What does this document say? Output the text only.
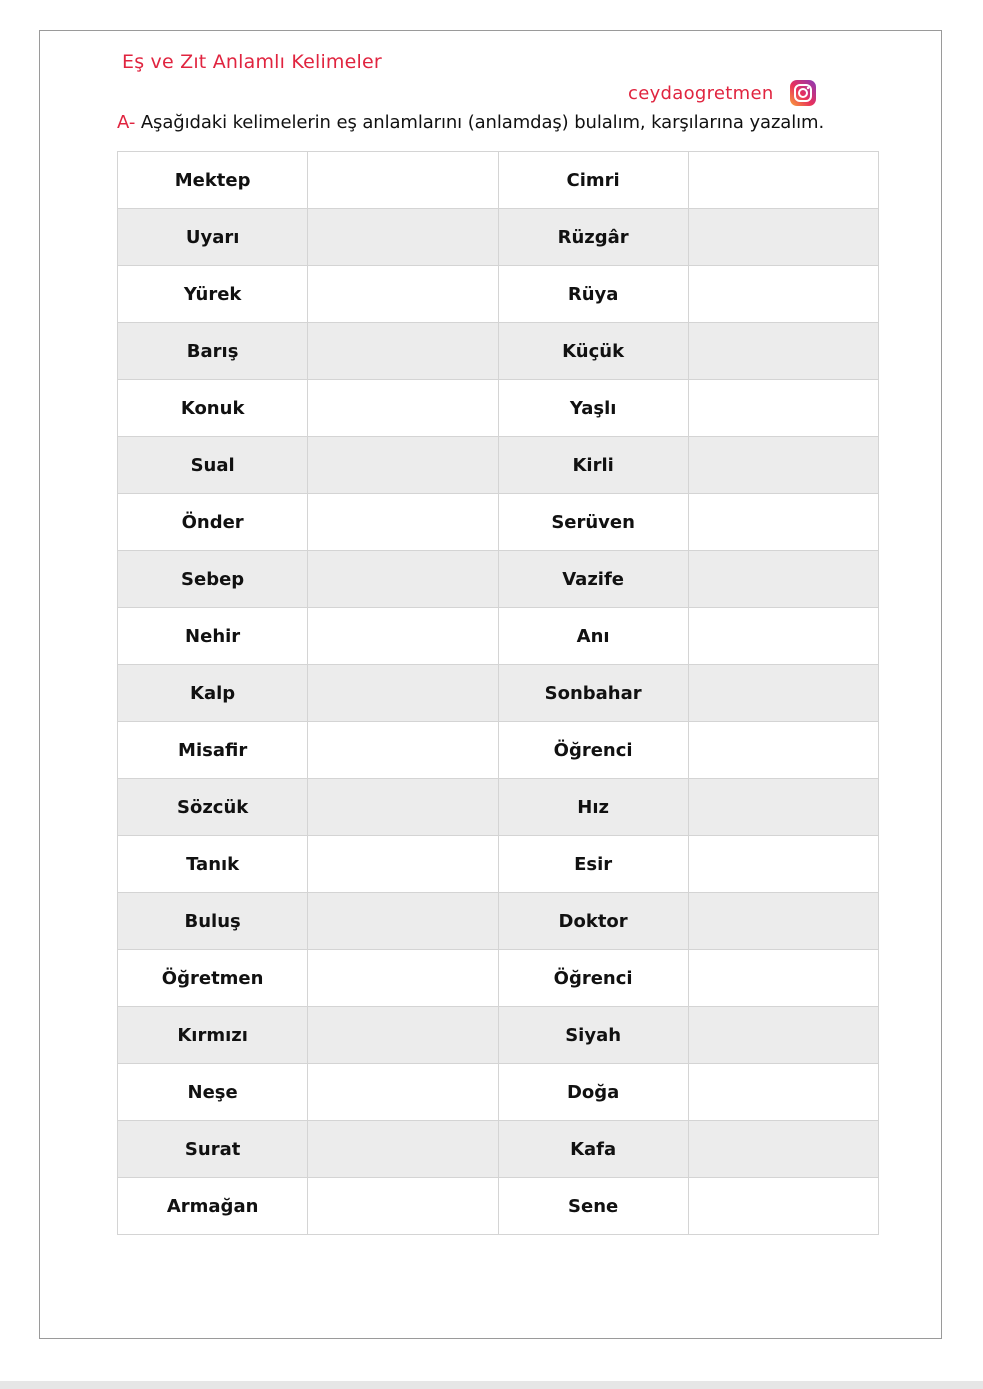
Eş ve Zıt Anlamlı Kelimeler
ceydaogretmen
A- Aşağıdaki kelimelerin eş anlamlarını (anlamdaş) bulalım, karşılarına yazalım.
Mektep		Cimri	
Uyarı		Rüzgâr	
Yürek		Rüya	
Barış		Küçük	
Konuk		Yaşlı	
Sual		Kirli	
Önder		Serüven	
Sebep		Vazife	
Nehir		Anı	
Kalp		Sonbahar	
Misafir		Öğrenci	
Sözcük		Hız	
Tanık		Esir	
Buluş		Doktor	
Öğretmen		Öğrenci	
Kırmızı		Siyah	
Neşe		Doğa	
Surat		Kafa	
Armağan		Sene	
